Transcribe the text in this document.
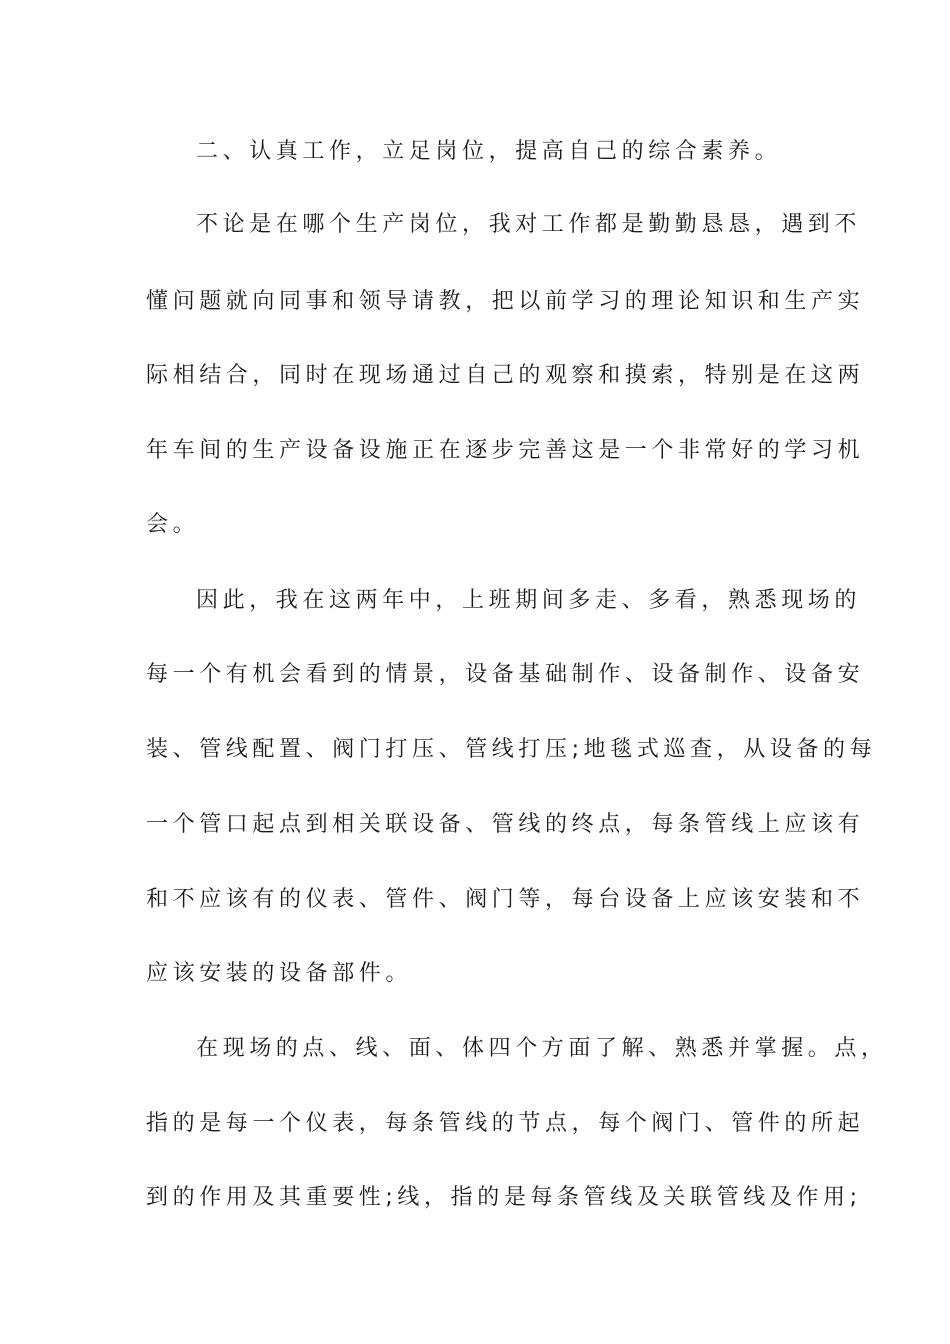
二、认真工作，立足岗位，提高自己的综合素养。
不论是在哪个生产岗位，我对工作都是勤勤恳恳，遇到不
懂问题就向同事和领导请教，把以前学习的理论知识和生产实
际相结合，同时在现场通过自己的观察和摸索，特别是在这两
年车间的生产设备设施正在逐步完善这是一个非常好的学习机
会。
因此，我在这两年中，上班期间多走、多看，熟悉现场的
每一个有机会看到的情景，设备基础制作、设备制作、设备安
装、管线配置、阀门打压、管线打压;地毯式巡查，从设备的每
一个管口起点到相关联设备、管线的终点，每条管线上应该有
和不应该有的仪表、管件、阀门等，每台设备上应该安装和不
应该安装的设备部件。
在现场的点、线、面、体四个方面了解、熟悉并掌握。点，
指的是每一个仪表，每条管线的节点，每个阀门、管件的所起
到的作用及其重要性;线，指的是每条管线及关联管线及作用;
